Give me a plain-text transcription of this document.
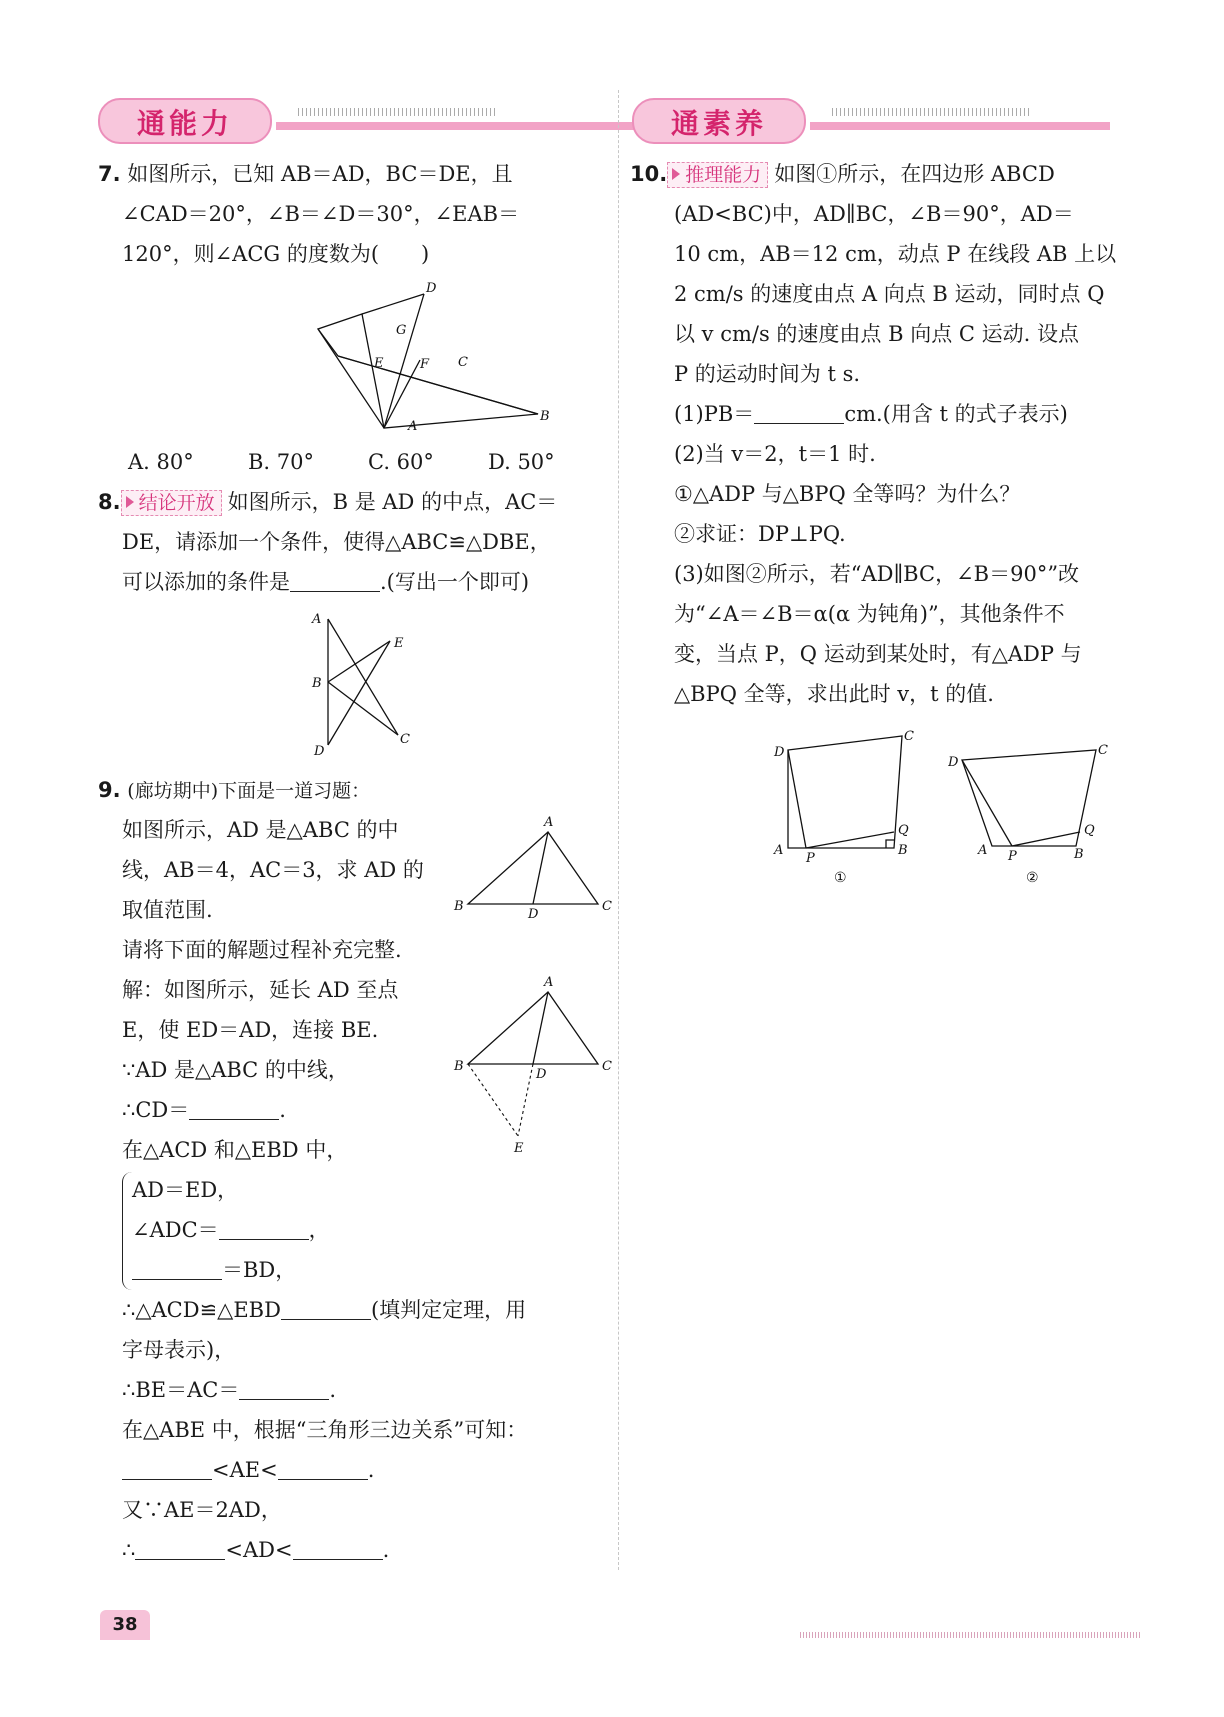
通能力	通素养
7. 如图所示，已知 AB＝AD，BC＝DE，且
∠CAD＝20°，∠B＝∠D＝30°，∠EAB＝
120°，则∠ACG 的度数为(　　)
D
G
E	F C
A
B
A. 80°	B. 70°	C. 60°	D. 50°
8. 结论开放 如图所示，B 是 AD 的中点，AC＝
DE，请添加一个条件，使得△ABC≌△DBE，
可以添加的条件是	.(写出一个即可)
A
E
B
D
C
9. (廊坊期中)下面是一道习题：
如图所示，AD 是△ABC 的中
线，AB＝4，AC＝3，求 AD 的
取值范围.
请将下面的解题过程补充完整.
解：如图所示，延长 AD 至点
E，使 ED＝AD，连接 BE.
∵AD 是△ABC 的中线，
∴CD＝	.
在△ACD 和△EBD 中，
AD＝ED，
∠ADC＝	，
＝BD，
∴△ACD≌△EBD	(填判定定理，用
字母表示)，
∴BE＝AC＝	.
在△ABE 中，根据“三角形三边关系”可知：
<AE<	.
又∵AE＝2AD，
∴	<AD<	.
A
B
D
C
A
B
D
C
E
10. 推理能力 如图①所示，在四边形 ABCD
(AD<BC)中，AD∥BC，∠B＝90°，AD＝
10 cm，AB＝12 cm，动点 P 在线段 AB 上以
2 cm/s 的速度由点 A 向点 B 运动，同时点 Q
以 v cm/s 的速度由点 B 向点 C 运动. 设点
P 的运动时间为 t s.
(1)PB＝	cm.(用含 t 的式子表示)
(2)当 v＝2，t＝1 时.
①△ADP 与△BPQ 全等吗？为什么？
②求证：DP⊥PQ.
(3)如图②所示，若“AD∥BC，∠B＝90°”改
为“∠A＝∠B＝α(α 为钝角)”，其他条件不
变，当点 P，Q 运动到某处时，有△ADP 与
△BPQ 全等，求出此时 v，t 的值.
D
C
Q
A
P
B
①
D
C
Q
A P	B
②
38
